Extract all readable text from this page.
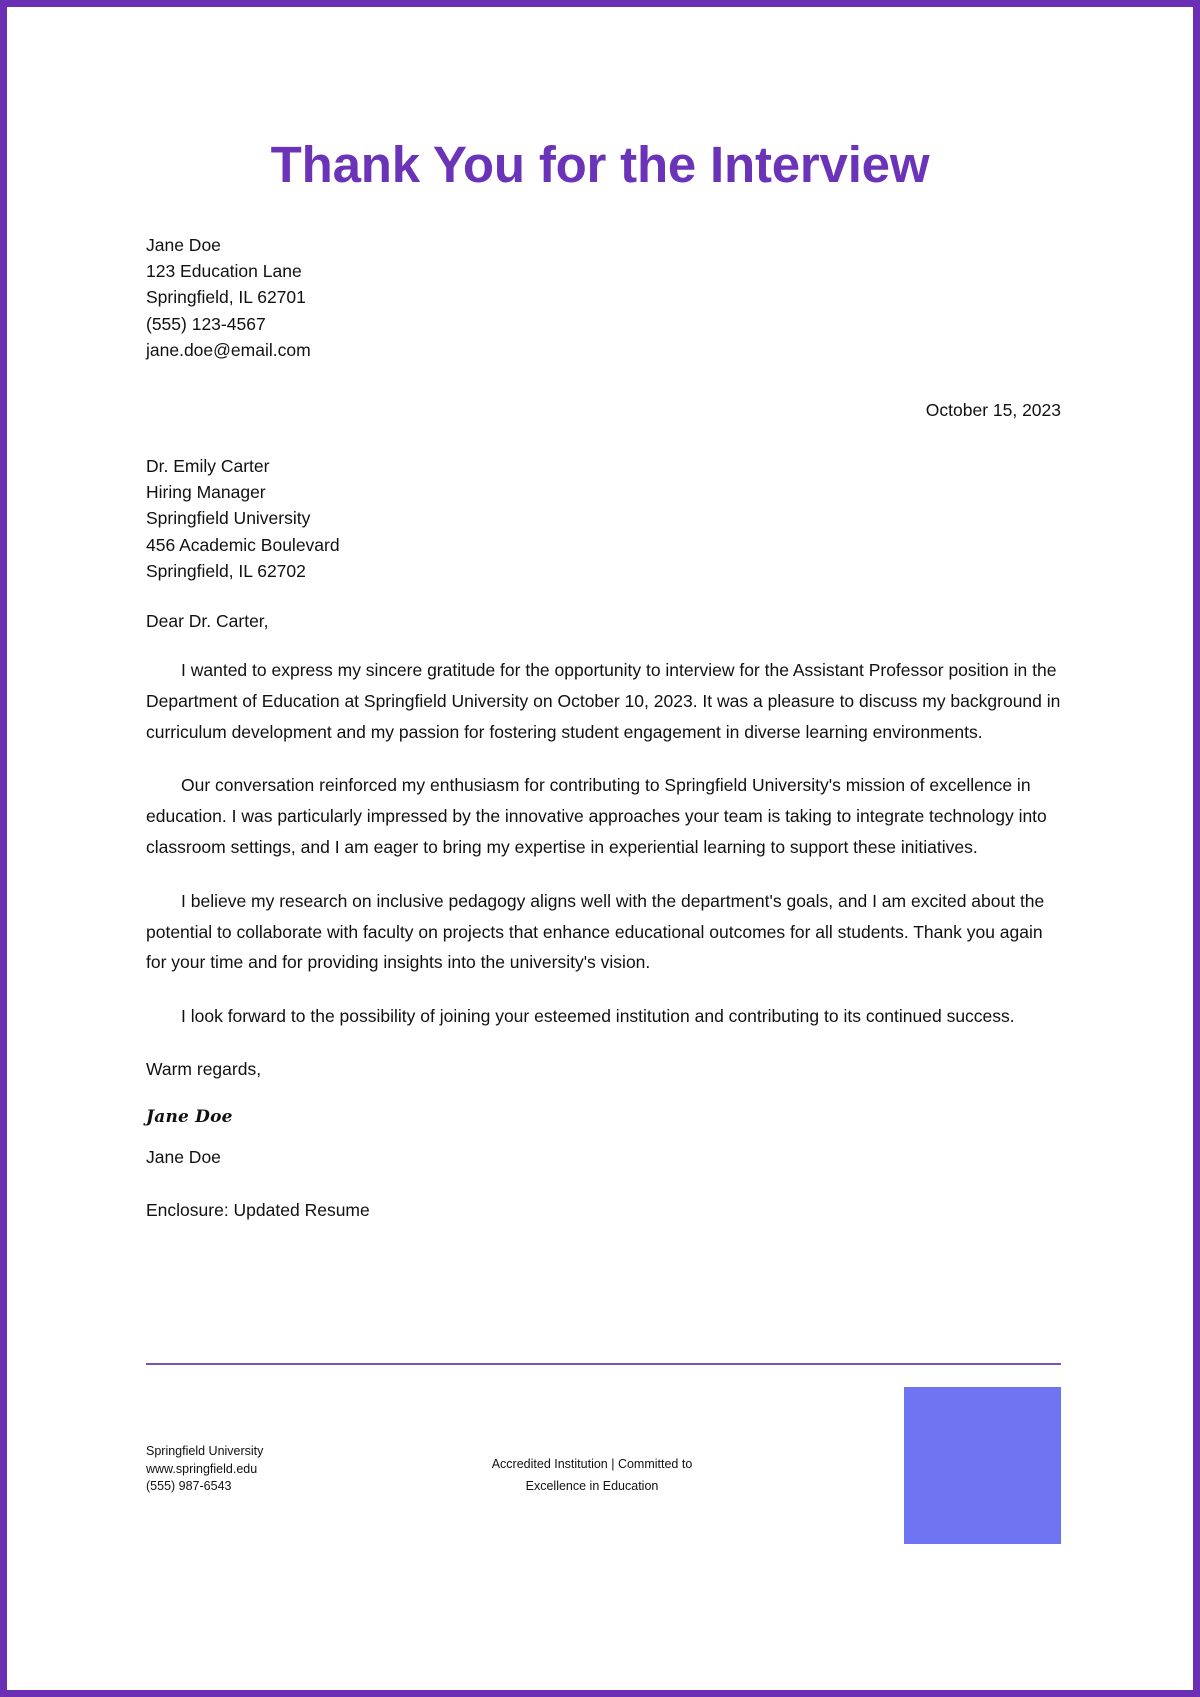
Thank You for the Interview
Jane Doe
123 Education Lane
Springfield, IL 62701
(555) 123-4567
jane.doe@email.com
October 15, 2023
Dr. Emily Carter
Hiring Manager
Springfield University
456 Academic Boulevard
Springfield, IL 62702
Dear Dr. Carter,

I wanted to express my sincere gratitude for the opportunity to interview for the Assistant Professor position in the Department of Education at Springfield University on October 10, 2023. It was a pleasure to discuss my background in curriculum development and my passion for fostering student engagement in diverse learning environments.

Our conversation reinforced my enthusiasm for contributing to Springfield University's mission of excellence in education. I was particularly impressed by the innovative approaches your team is taking to integrate technology into classroom settings, and I am eager to bring my expertise in experiential learning to support these initiatives.

I believe my research on inclusive pedagogy aligns well with the department's goals, and I am excited about the potential to collaborate with faculty on projects that enhance educational outcomes for all students. Thank you again for your time and for providing insights into the university's vision.

I look forward to the possibility of joining your esteemed institution and contributing to its continued success.

Warm regards,
Jane Doe
Jane Doe
Enclosure: Updated Resume
Springfield University
www.springfield.edu
(555) 987-6543
Accredited Institution | Committed to
Excellence in Education
